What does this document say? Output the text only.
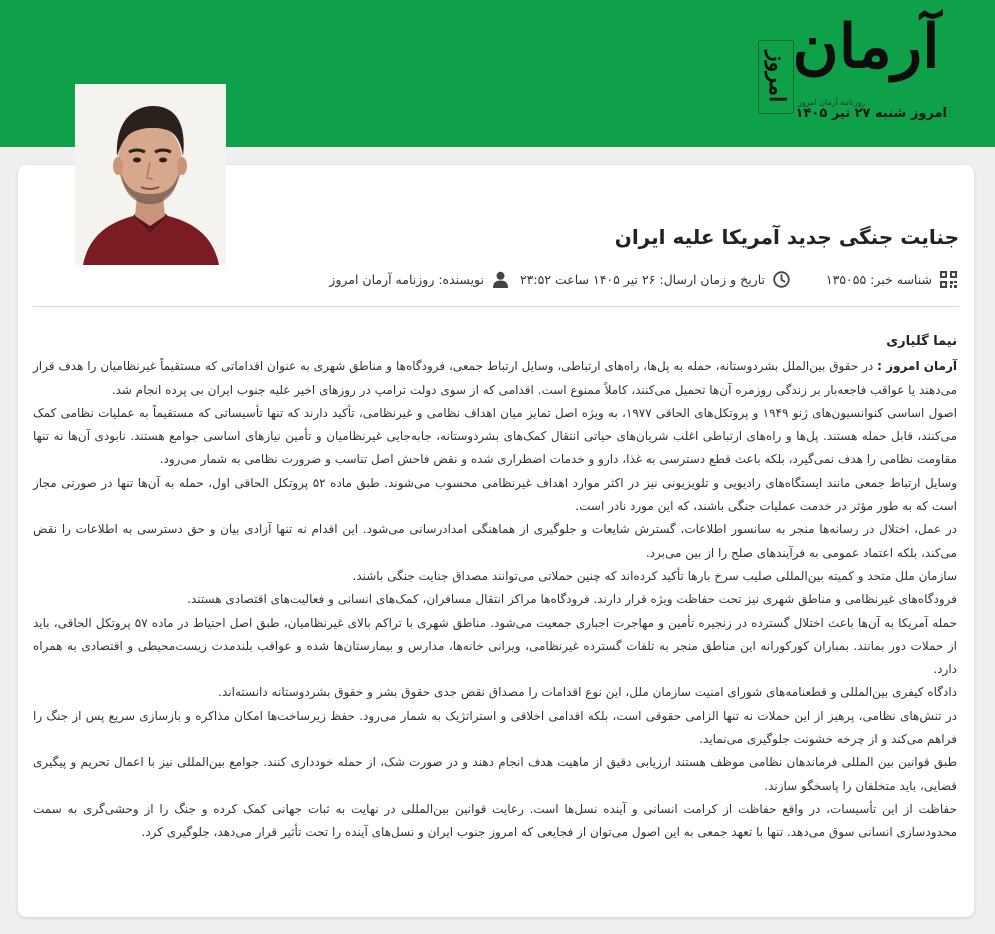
آرمان
امروز	روزنامه آرمان امروز
امروز شنبه ۲۷ تیر ۱۴۰۵
جنایت جنگی جدید آمریکا علیه ایران
شناسه خبر: ۱۳۵۰۵۵
تاریخ و زمان ارسال: ۲۶ تیر ۱۴۰۵ ساعت ۲۳:۵۲
نویسنده: روزنامه آرمان امروز

نیما گلیاری

آرمان امروز : در حقوق بین‌الملل بشردوستانه، حمله به پل‌ها، راه‌های ارتباطی، وسایل ارتباط جمعی، فرودگاه‌ها و مناطق شهری به عنوان اقداماتی که مستقیماً غیرنظامیان را هدف قرار می‌دهند یا عواقب فاجعه‌بار بر زندگی روزمره آن‌ها تحمیل می‌کنند، کاملاً ممنوع است. اقدامی که از سوی دولت ترامپ در روزهای اخیر علیه جنوب ایران بی پرده انجام شد.

اصول اساسی کنوانسیون‌های ژنو ۱۹۴۹ و پروتکل‌های الحاقی ۱۹۷۷، به ویژه اصل تمایز میان اهداف نظامی و غیرنظامی، تأکید دارند که تنها تأسیساتی که مستقیماً به عملیات نظامی کمک می‌کنند، قابل حمله هستند. پل‌ها و راه‌های ارتباطی اغلب شریان‌های حیاتی انتقال کمک‌های بشردوستانه، جابه‌جایی غیرنظامیان و تأمین نیازهای اساسی جوامع هستند. نابودی آن‌ها نه تنها مقاومت نظامی را هدف نمی‌گیرد، بلکه باعث قطع دسترسی به غذا، دارو و خدمات اضطراری شده و نقض فاحش اصل تناسب و ضرورت نظامی به شمار می‌رود.

وسایل ارتباط جمعی مانند ایستگاه‌های رادیویی و تلویزیونی نیز در اکثر موارد اهداف غیرنظامی محسوب می‌شوند. طبق ماده ۵۲ پروتکل الحاقی اول، حمله به آن‌ها تنها در صورتی مجاز است که به طور مؤثر در خدمت عملیات جنگی باشند، که این مورد نادر است.

در عمل، اختلال در رسانه‌ها منجر به سانسور اطلاعات، گسترش شایعات و جلوگیری از هماهنگی امدادرسانی می‌شود. این اقدام نه تنها آزادی بیان و حق دسترسی به اطلاعات را نقض می‌کند، بلکه اعتماد عمومی به فرآیندهای صلح را از بین می‌برد.

سازمان ملل متحد و کمیته بین‌المللی صلیب سرخ بارها تأکید کرده‌اند که چنین حملاتی می‌توانند مصداق جنایت جنگی باشند.

فرودگاه‌های غیرنظامی و مناطق شهری نیز تحت حفاظت ویژه قرار دارند. فرودگاه‌ها مراکز انتقال مسافران، کمک‌های انسانی و فعالیت‌های اقتصادی هستند.

حمله آمریکا به آن‌ها باعث اختلال گسترده در زنجیره تأمین و مهاجرت اجباری جمعیت می‌شود. مناطق شهری با تراکم بالای غیرنظامیان، طبق اصل احتیاط در ماده ۵۷ پروتکل الحاقی، باید از حملات دور بمانند. بمباران کورکورانه این مناطق منجر به تلفات گسترده غیرنظامی، ویرانی خانه‌ها، مدارس و بیمارستان‌ها شده و عواقب بلندمدت زیست‌محیطی و اقتصادی به همراه دارد.

دادگاه کیفری بین‌المللی و قطعنامه‌های شورای امنیت سازمان ملل، این نوع اقدامات را مصداق نقض جدی حقوق بشر و حقوق بشردوستانه دانسته‌اند.

در تنش‌های نظامی، پرهیز از این حملات نه تنها الزامی حقوقی است، بلکه اقدامی اخلاقی و استراتژیک به شمار می‌رود. حفظ زیرساخت‌ها امکان مذاکره و بازسازی سریع پس از جنگ را فراهم می‌کند و از چرخه خشونت جلوگیری می‌نماید.

طبق قوانین بین المللی فرماندهان نظامی موظف هستند ارزیابی دقیق از ماهیت هدف انجام دهند و در صورت شک، از حمله خودداری کنند. جوامع بین‌المللی نیز با اعمال تحریم و پیگیری قضایی، باید متخلفان را پاسخگو سازند.

حفاظت از این تأسیسات، در واقع حفاظت از کرامت انسانی و آینده نسل‌ها است. رعایت قوانین بین‌المللی در نهایت به ثبات جهانی کمک کرده و جنگ را از وحشی‌گری به سمت محدودسازی انسانی سوق می‌دهد. تنها با تعهد جمعی به این اصول می‌توان از فجایعی که امروز جنوب ایران و نسل‌های آینده را تحت تأثیر قرار می‌دهد، جلوگیری کرد.
